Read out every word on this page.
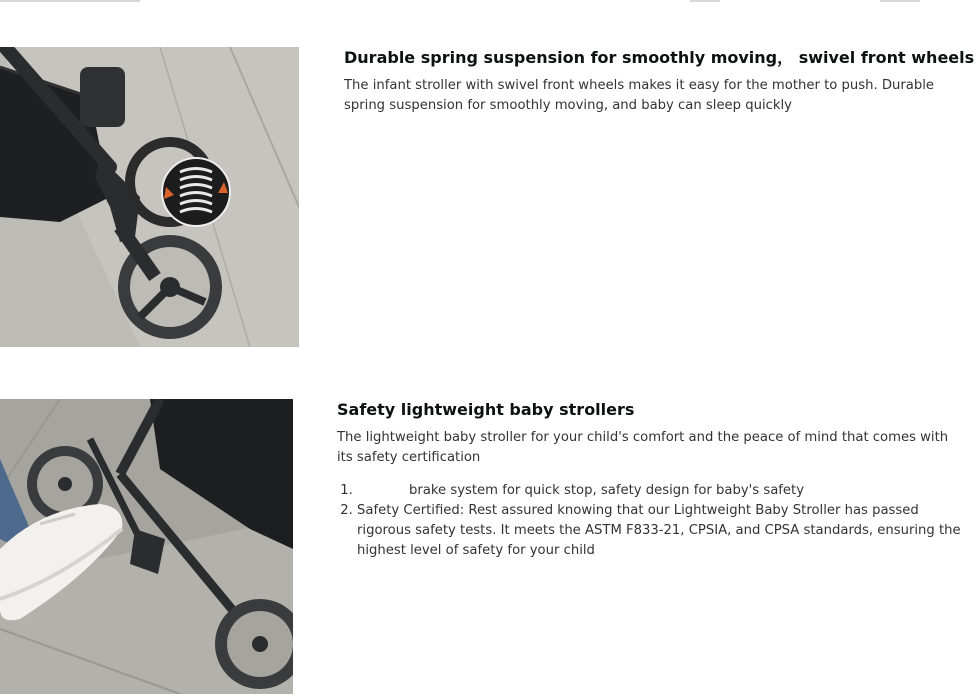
Durable spring suspension for smoothly moving， swivel front wheels

The infant stroller with swivel front wheels makes it easy for the mother to push. Durable spring suspension for smoothly moving, and baby can sleep quickly

Safety lightweight baby strollers

The lightweight baby stroller for your child's comfort and the peace of mind that comes with its safety certification

1. brake system for quick stop, safety design for baby's safety
2. Safety Certified: Rest assured knowing that our Lightweight Baby Stroller has passed rigorous safety tests. It meets the ASTM F833-21, CPSIA, and CPSA standards, ensuring the highest level of safety for your child
